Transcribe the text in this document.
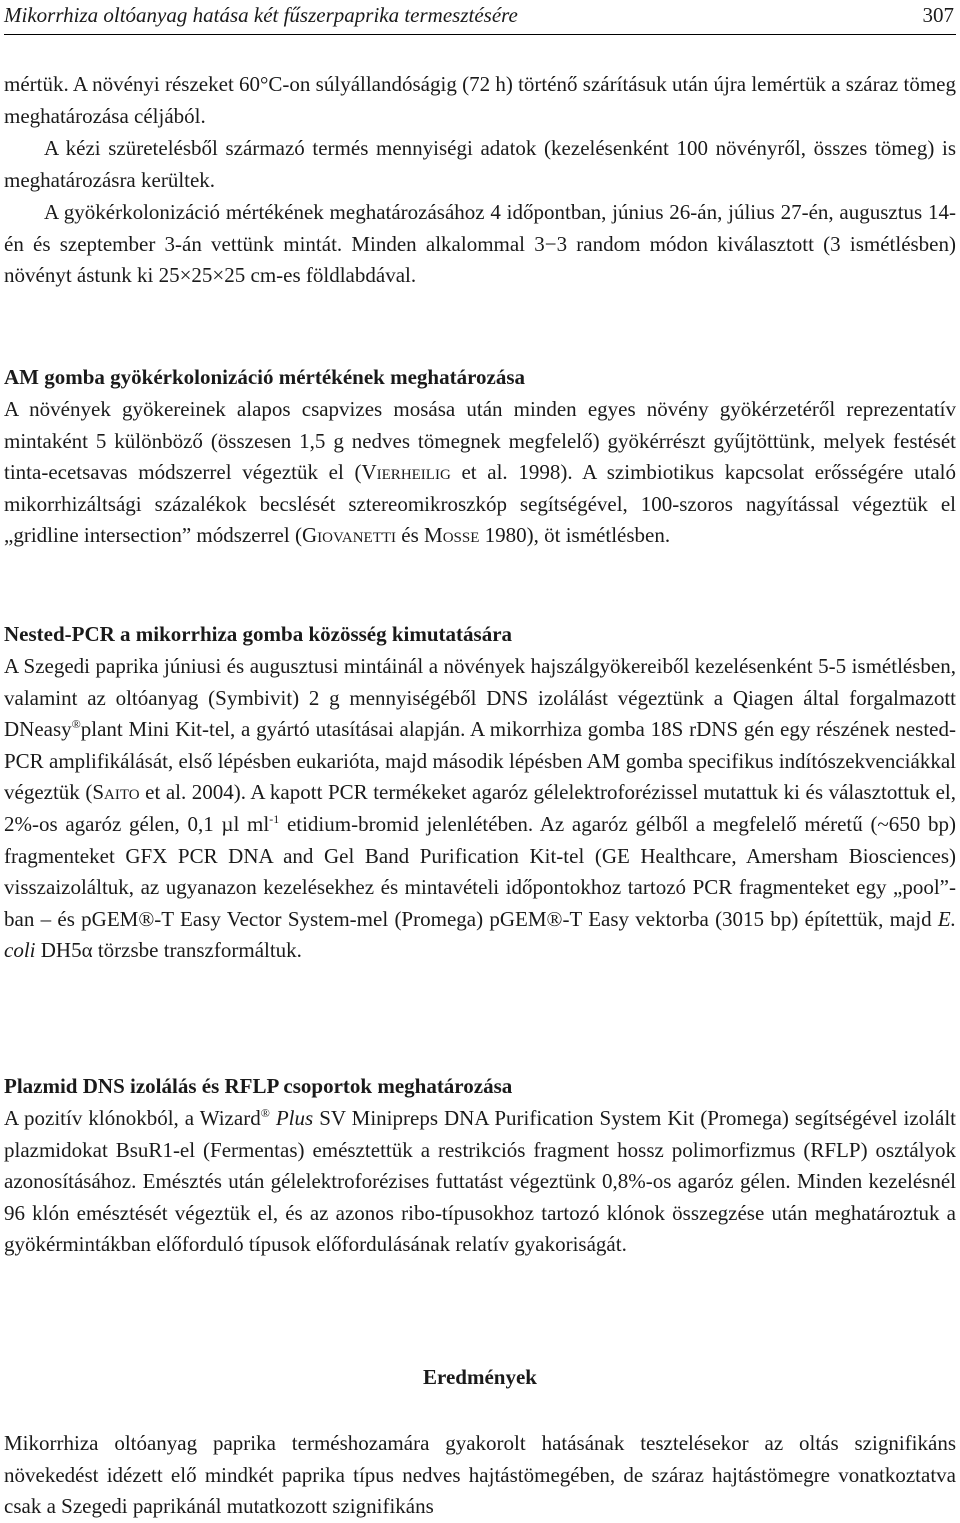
Mikorrhiza oltóanyag hatása két fűszerpaprika termesztésére	307
mértük. A növényi részeket 60°C-on súlyállandóságig (72 h) történő szárításuk után újra lemértük a száraz tömeg meghatározása céljából.
A kézi szüretelésből származó termés mennyiségi adatok (kezelésenként 100 növényről, összes tömeg) is meghatározásra kerültek.
A gyökérkolonizáció mértékének meghatározásához 4 időpontban, június 26-án, július 27-én, augusztus 14-én és szeptember 3-án vettünk mintát. Minden alkalommal 3−3 random módon kiválasztott (3 ismétlésben) növényt ástunk ki 25×25×25 cm-es földlabdával.
AM gomba gyökérkolonizáció mértékének meghatározása
A növények gyökereinek alapos csapvizes mosása után minden egyes növény gyökérzetéről reprezentatív mintaként 5 különböző (összesen 1,5 g nedves tömegnek megfelelő) gyökérrészt gyűjtöttünk, melyek festését tinta-ecetsavas módszerrel végeztük el (Vierheilig et al. 1998). A szimbiotikus kapcsolat erősségére utaló mikorrhizáltsági százalékok becslését sztereomikroszkóp segítségével, 100-szoros nagyítással végeztük el „gridline intersection” módszerrel (Giovanetti és Mosse 1980), öt ismétlésben.
Nested-PCR a mikorrhiza gomba közösség kimutatására
A Szegedi paprika júniusi és augusztusi mintáinál a növények hajszálgyökereiből kezelésenként 5-5 ismétlésben, valamint az oltóanyag (Symbivit) 2 g mennyiségéből DNS izolálást végeztünk a Qiagen által forgalmazott DNeasy®plant Mini Kit-tel, a gyártó utasításai alapján. A mikorrhiza gomba 18S rDNS gén egy részének nested-PCR amplifikálását, első lépésben eukarióta, majd második lépésben AM gomba specifikus indítószekvenciákkal végeztük (Saito et al. 2004). A kapott PCR termékeket agaróz gélelektroforézissel mutattuk ki és választottuk el, 2%-os agaróz gélen, 0,1 µl $ml^{-1}$ etidium-bromid jelenlétében. Az agaróz gélből a megfelelő méretű (~650 bp) fragmenteket GFX PCR DNA and Gel Band Purification Kit-tel (GE Healthcare, Amersham Biosciences) visszaizoláltuk, az ugyanazon kezelésekhez és mintavételi időpontokhoz tartozó PCR fragmenteket egy „pool”-ban – és pGEM®-T Easy Vector System-mel (Promega) pGEM®-T Easy vektorba (3015 bp) építettük, majd E. coli DH5α törzsbe transzformáltuk.
Plazmid DNS izolálás és RFLP csoportok meghatározása
A pozitív klónokból, a Wizard® Plus SV Minipreps DNA Purification System Kit (Promega) segítségével izolált plazmidokat BsuR1-el (Fermentas) emésztettük a restrikciós fragment hossz polimorfizmus (RFLP) osztályok azonosításához. Emésztés után gélelektroforézises futtatást végeztünk 0,8%-os agaróz gélen. Minden kezelésnél 96 klón emésztését végeztük el, és az azonos ribo-típusokhoz tartozó klónok összegzése után meghatároztuk a gyökérmintákban előforduló típusok előfordulásának relatív gyakoriságát.
Eredmények
Mikorrhiza oltóanyag paprika terméshozamára gyakorolt hatásának tesztelésekor az oltás szignifikáns növekedést idézett elő mindkét paprika típus nedves hajtástömegében, de száraz hajtástömegre vonatkoztatva csak a Szegedi paprikánál mutatkozott szignifikáns
